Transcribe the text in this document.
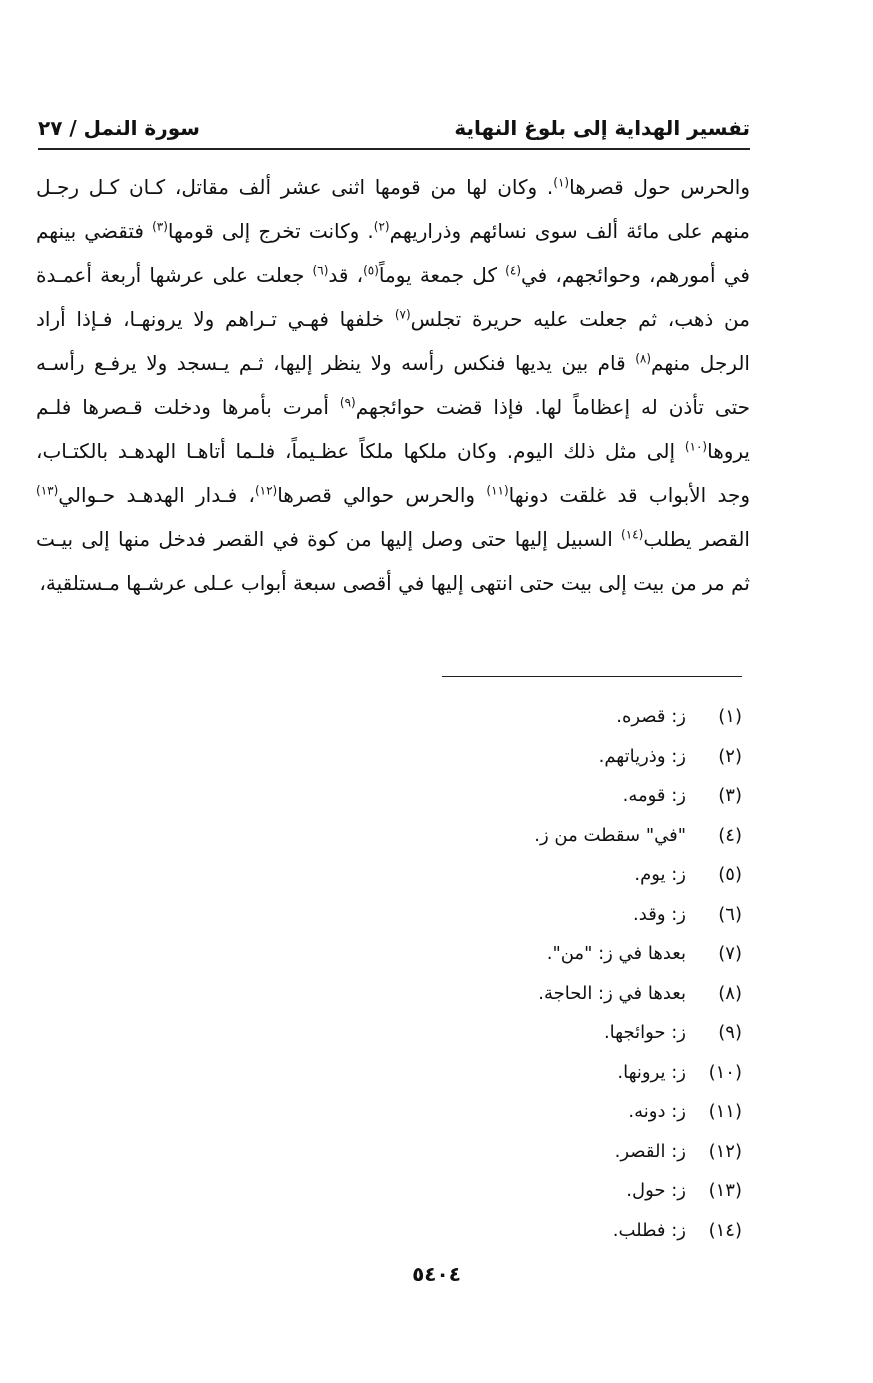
تفسير الهداية إلى بلوغ النهاية
سورة النمل / ٢٧
والحرس حول قصرها$^{(١)}$. وكان لها من قومها اثنى عشر ألف مقاتل، كـان كـل رجـل
منهم على مائة ألف سوى نسائهم وذراريهم$^{(٢)}$. وكانت تخرج إلى قومها$^{(٣)}$ فتقضي بينهم
في أمورهم، وحوائجهم، في$^{(٤)}$ كل جمعة يوماً$^{(٥)}$، قد$^{(٦)}$ جعلت على عرشها أربعة أعمـدة
من ذهب، ثم جعلت عليه حريرة تجلس$^{(٧)}$ خلفها فهـي تـراهم ولا يرونهـا، فـإذا أراد
الرجل منهم$^{(٨)}$ قام بين يديها فنكس رأسه ولا ينظر إليها، ثـم يـسجد ولا يرفـع رأسـه
حتى تأذن له إعظاماً لها. فإذا قضت حوائجهم$^{(٩)}$ أمرت بأمرها ودخلت قـصرها فلـم
يروها$^{(١٠)}$ إلى مثل ذلك اليوم. وكان ملكها ملكاً عظـيماً، فلـما أتاهـا الهدهـد بالكتـاب،
وجد الأبواب قد غلقت دونها$^{(١١)}$ والحرس حوالي قصرها$^{(١٢)}$، فـدار الهدهـد حـوالي$^{(١٣)}$
القصر يطلب$^{(١٤)}$ السبيل إليها حتى وصل إليها من كوة في القصر فدخل منها إلى بيـت
ثم مر من بيت إلى بيت حتى انتهى إليها في أقصى سبعة أبواب عـلى عرشـها مـستلقية،
(١)
ز: قصره.
(٢)
ز: وذرياتهم.
(٣)
ز: قومه.
(٤)
"في" سقطت من ز.
(٥)
ز: يوم.
(٦)
ز: وقد.
(٧)
بعدها في ز: "من".
(٨)
بعدها في ز: الحاجة.
(٩)
ز: حوائجها.
(١٠)
ز: يرونها.
(١١)
ز: دونه.
(١٢)
ز: القصر.
(١٣)
ز: حول.
(١٤)
ز: فطلب.
٥٤٠٤
